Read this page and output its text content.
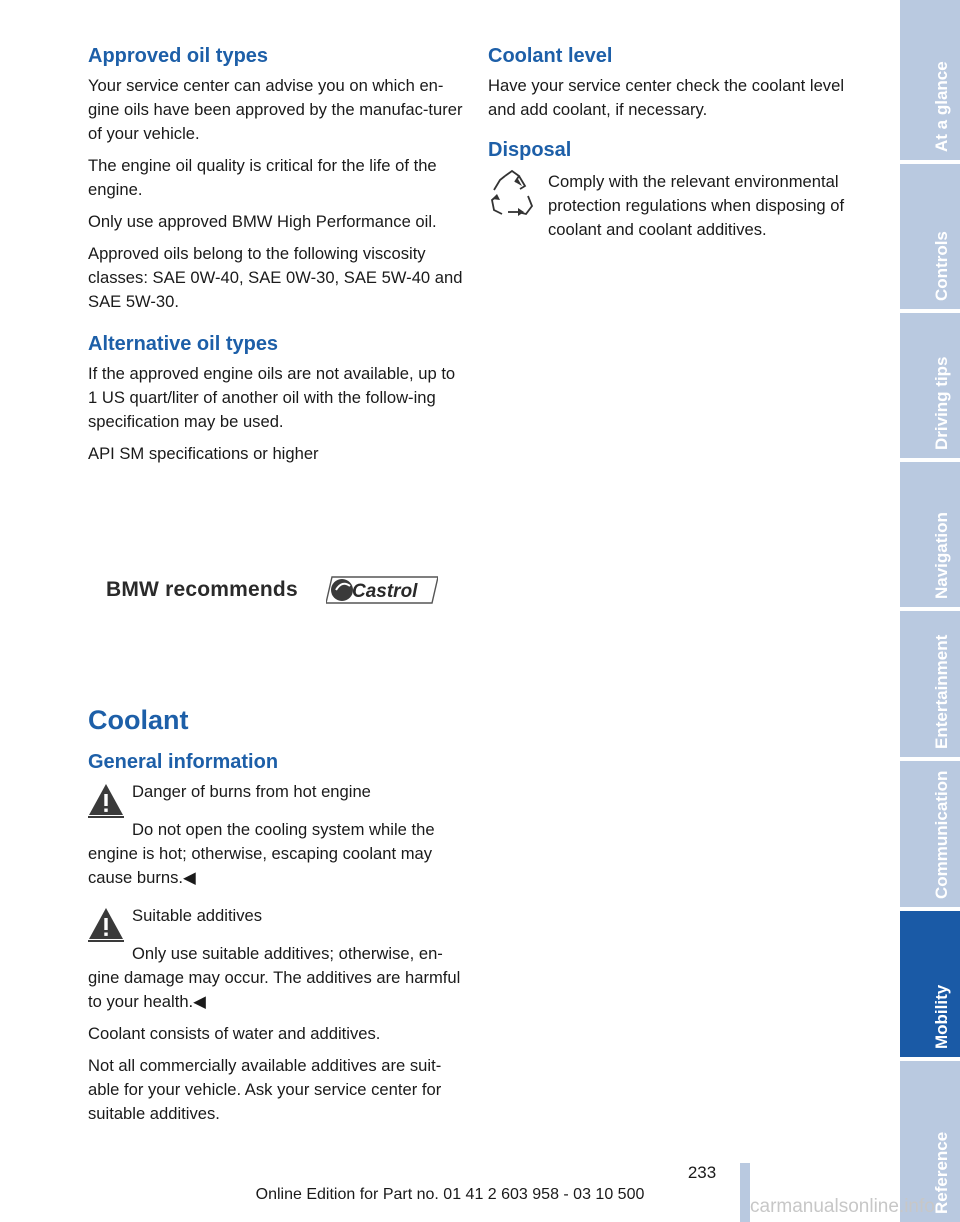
Approved oil types

Your service center can advise you on which en-gine oils have been approved by the manufac-turer of your vehicle.

The engine oil quality is critical for the life of the engine.

Only use approved BMW High Performance oil.

Approved oils belong to the following viscosity classes: SAE 0W-40, SAE 0W-30, SAE 5W-40 and SAE 5W-30.

Alternative oil types

If the approved engine oils are not available, up to 1 US quart/liter of another oil with the follow-ing specification may be used.

API SM specifications or higher

BMW recommends	Castrol
Coolant
General information
Danger of burns from hot engine

Do not open the cooling system while the engine is hot; otherwise, escaping coolant may cause burns.◀

Suitable additives

Only use suitable additives; otherwise, en-gine damage may occur. The additives are harmful to your health.◀

Coolant consists of water and additives.

Not all commercially available additives are suit-able for your vehicle. Ask your service center for suitable additives.

Coolant level

Have your service center check the coolant level and add coolant, if necessary.

Disposal

Comply with the relevant environmental protection regulations when disposing of coolant and coolant additives.

At a glance
Controls
Driving tips
Navigation
Entertainment
Communication
Mobility
Reference
233
Online Edition for Part no. 01 41 2 603 958 - 03 10 500
carmanualsonline.info
